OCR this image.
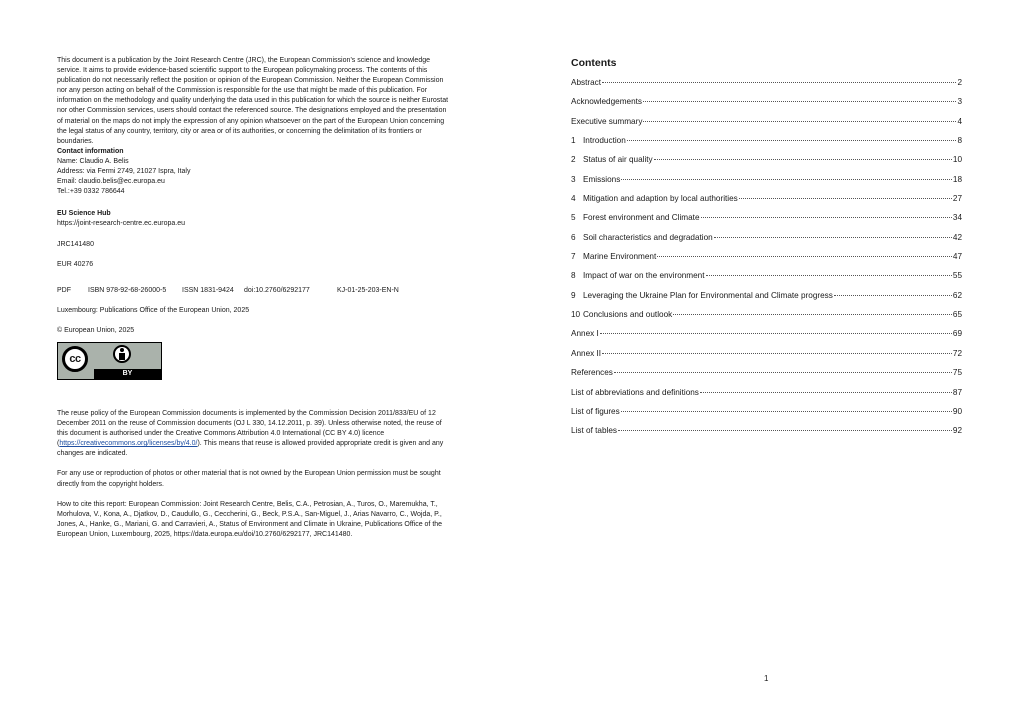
This document is a publication by the Joint Research Centre (JRC), the European Commission’s science and knowledge service. It aims to provide evidence-based scientific support to the European policymaking process. The contents of this publication do not necessarily reflect the position or opinion of the European Commission. Neither the European Commission nor any person acting on behalf of the Commission is responsible for the use that might be made of this publication. For information on the methodology and quality underlying the data used in this publication for which the source is neither Eurostat nor other Commission services, users should contact the referenced source. The designations employed and the presentation of material on the maps do not imply the expression of any opinion whatsoever on the part of the European Union concerning the legal status of any country, territory, city or area or of its authorities, or concerning the delimitation of its frontiers or boundaries.

Contact information

Name: Claudio A. Belis

Address: via Fermi 2749, 21027 Ispra, Italy

Email: claudio.belis@ec.europa.eu

Tel.:+39 0332 786644

EU Science Hub

https://joint-research-centre.ec.europa.eu

JRC141480

EUR 40276

PDF	ISBN 978-92-68-26000-5	ISSN 1831-9424	doi:10.2760/6292177	KJ-01-25-203-EN-N

Luxembourg: Publications Office of the European Union, 2025

© European Union, 2025

cc
BY

The reuse policy of the European Commission documents is implemented by the Commission Decision 2011/833/EU of 12 December 2011 on the reuse of Commission documents (OJ L 330, 14.12.2011, p. 39). Unless otherwise noted, the reuse of this document is authorised under the Creative Commons Attribution 4.0 International (CC BY 4.0) licence (https://creativecommons.org/licenses/by/4.0/). This means that reuse is allowed provided appropriate credit is given and any changes are indicated.

For any use or reproduction of photos or other material that is not owned by the European Union permission must be sought directly from the copyright holders.

How to cite this report: European Commission: Joint Research Centre, Belis, C.A., Petrosian, A., Turos, O., Maremukha, T., Morhulova, V., Kona, A., Djatkov, D., Caudullo, G., Ceccherini, G., Beck, P.S.A., San-Miguel, J., Arias Navarro, C., Wojda, P., Jones, A., Hanke, G., Mariani, G. and Carravieri, A., Status of Environment and Climate in Ukraine, Publications Office of the European Union, Luxembourg, 2025, https://data.europa.eu/doi/10.2760/6292177, JRC141480.

Contents
Abstract	2
Acknowledgements	3
Executive summary	4
1 Introduction	8
2 Status of air quality	10
3 Emissions	18
4 Mitigation and adaption by local authorities	27
5 Forest environment and Climate	34
6 Soil characteristics and degradation	42
7 Marine Environment	47
8 Impact of war on the environment	55
9 Leveraging the Ukraine Plan for Environmental and Climate progress	62
10 Conclusions and outlook	65
Annex I	69
Annex II	72
References	75
List of abbreviations and definitions	87
List of figures	90
List of tables	92
1
